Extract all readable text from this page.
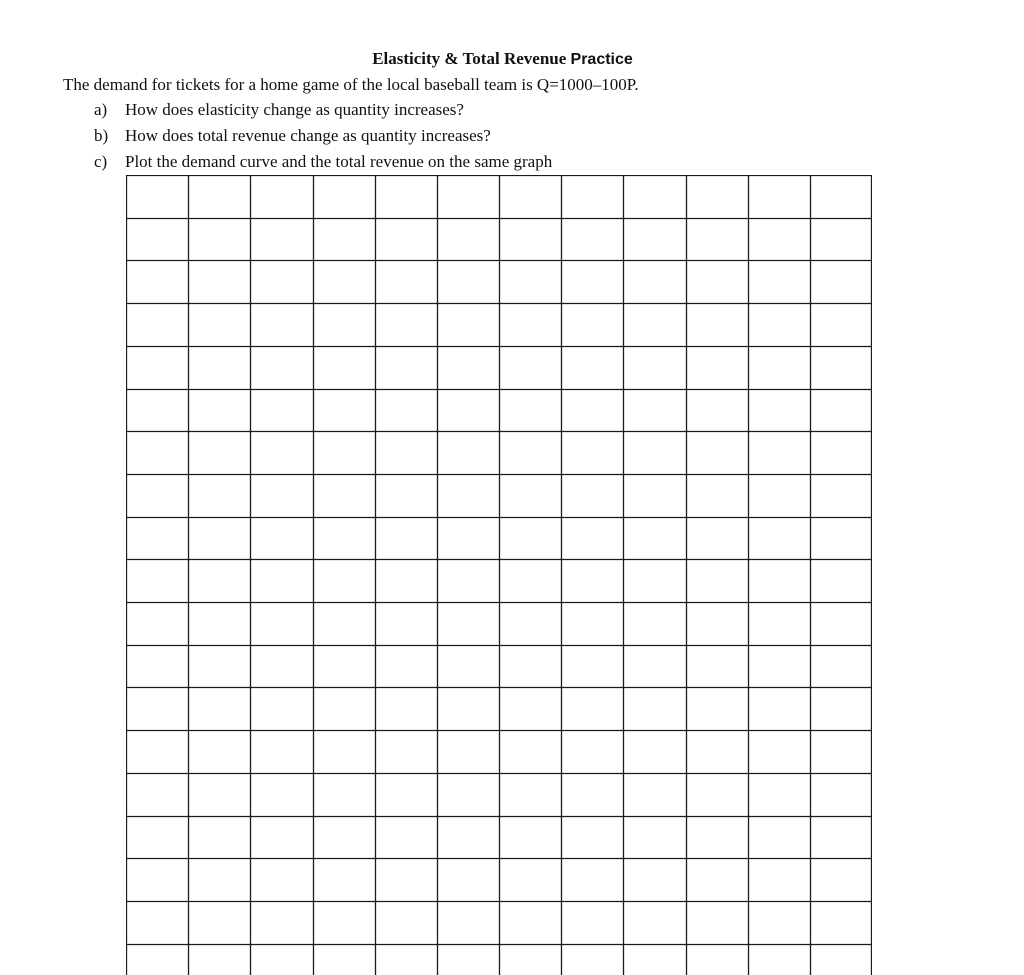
Elasticity & Total Revenue Practice
The demand for tickets for a home game of the local baseball team is Q=1000–100P.
a) How does elasticity change as quantity increases?
b) How does total revenue change as quantity increases?
c) Plot the demand curve and the total revenue on the same graph
